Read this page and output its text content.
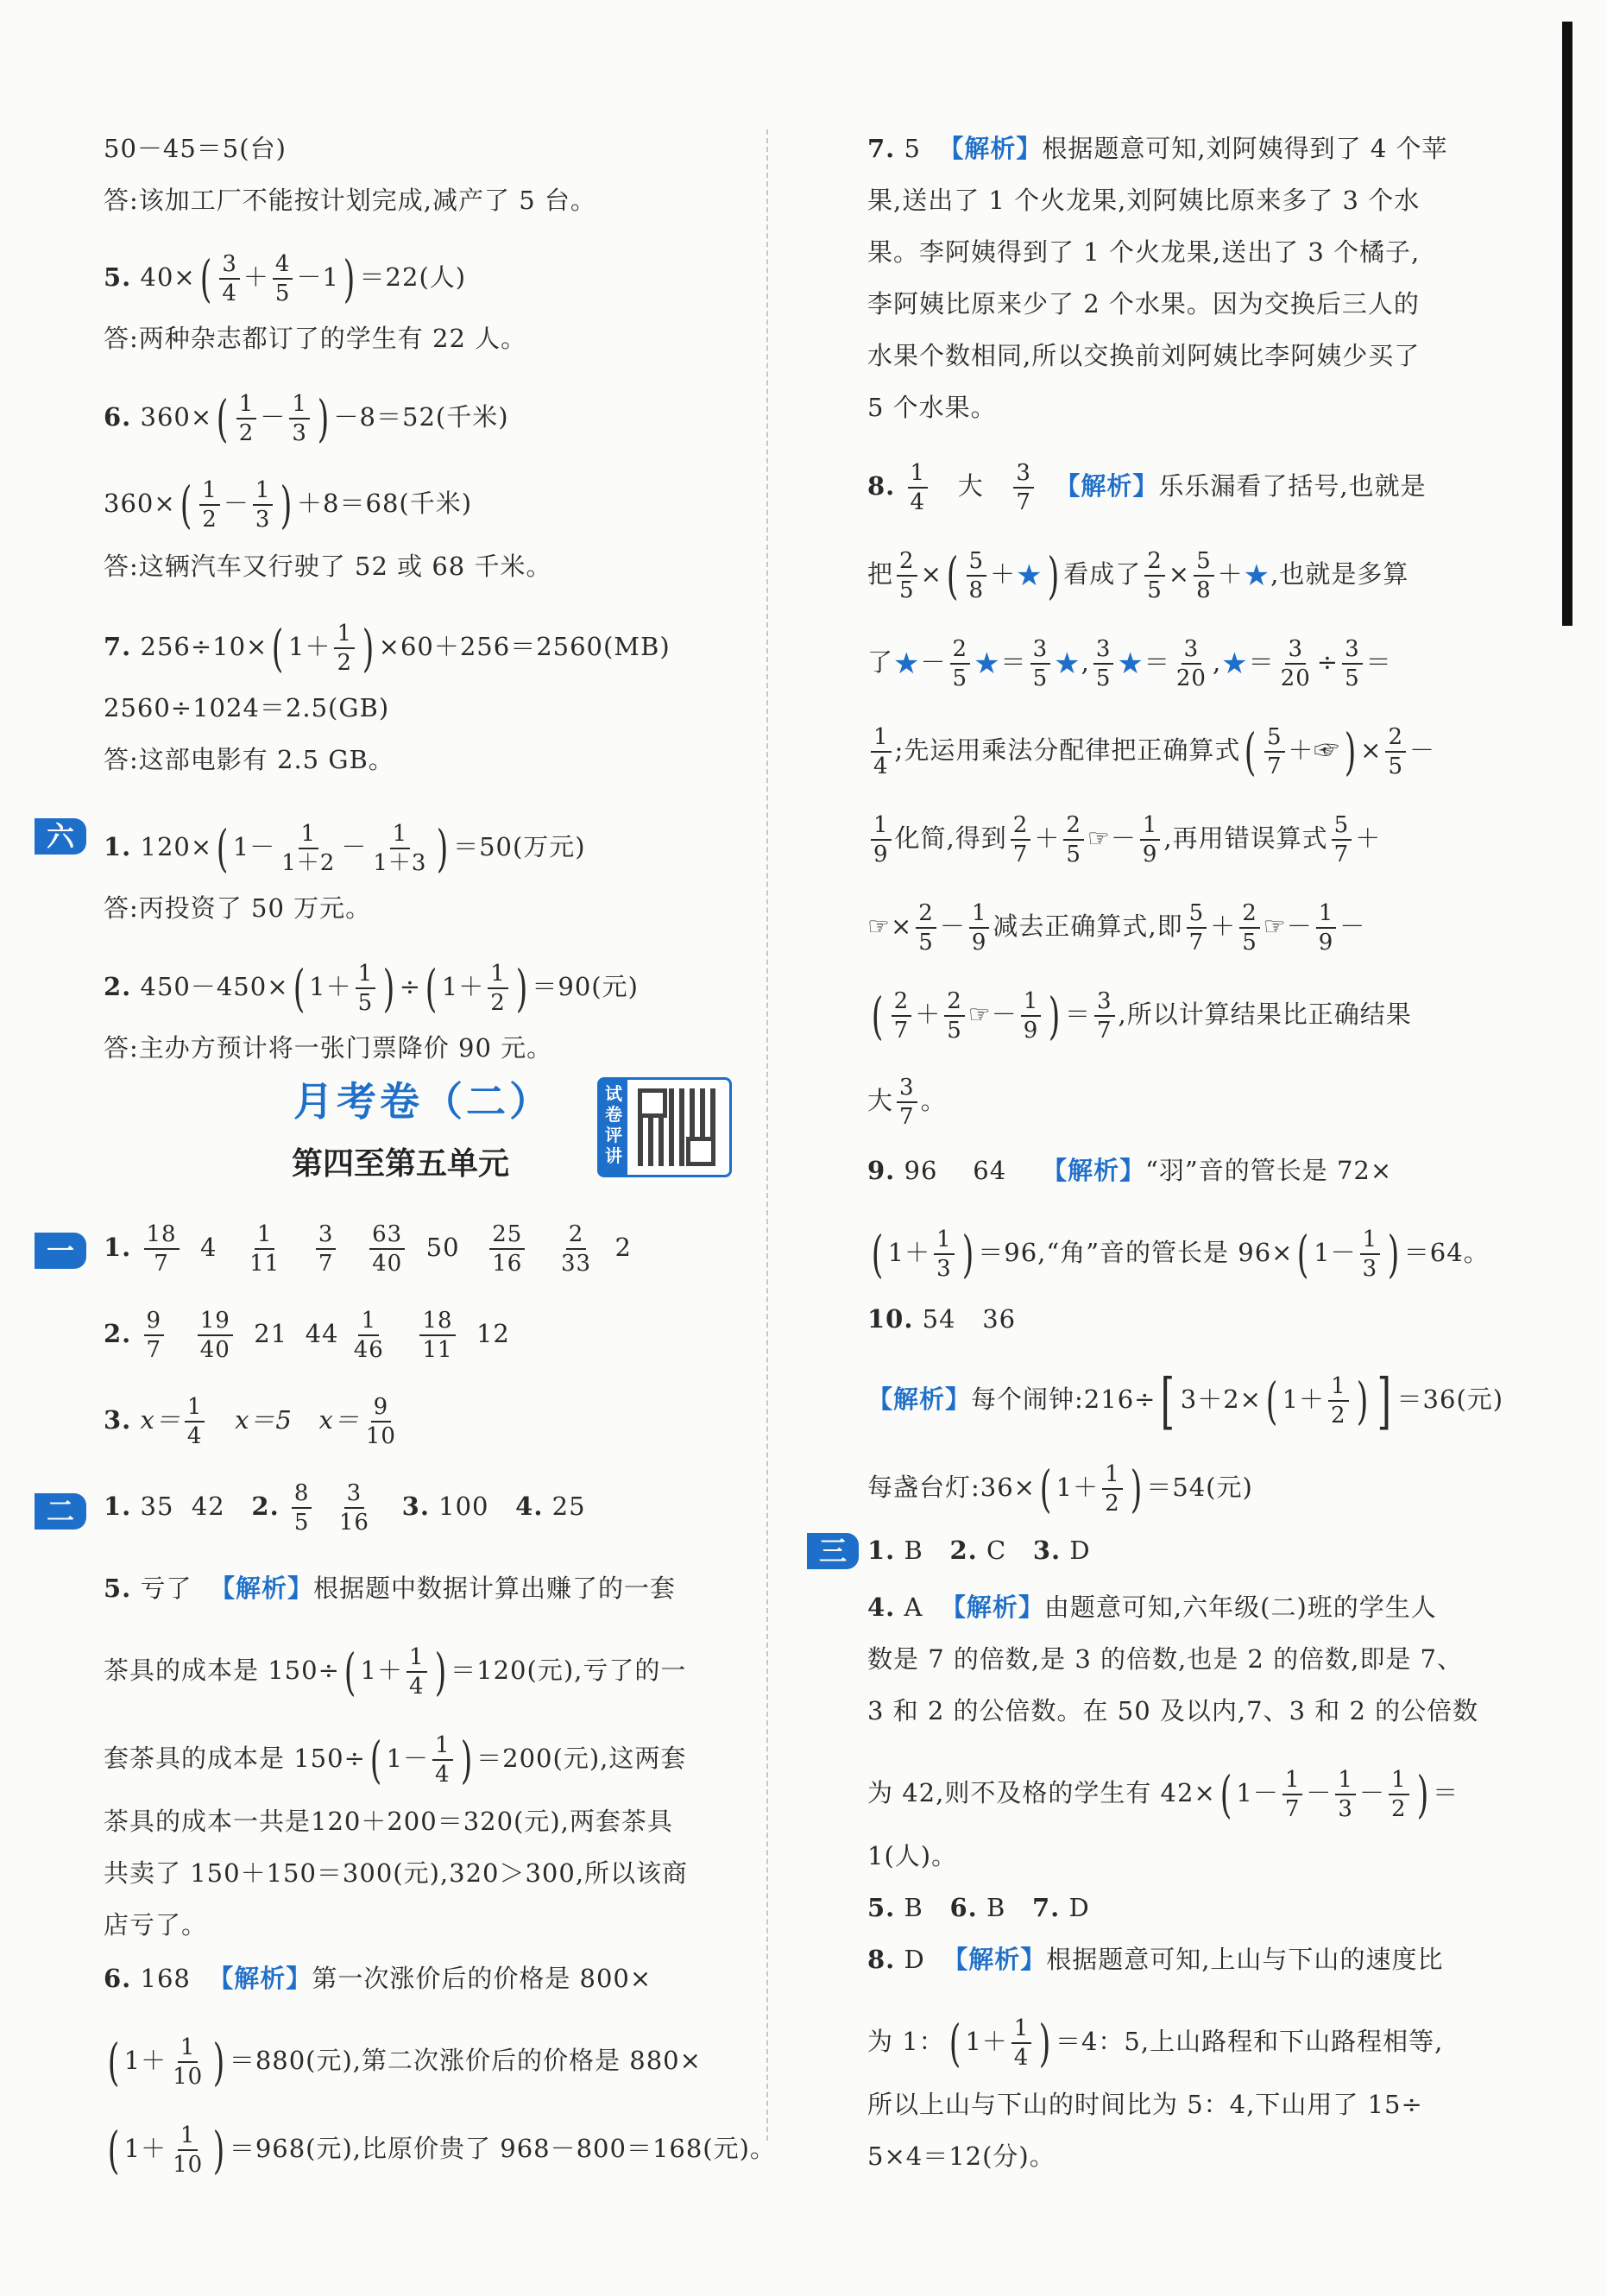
50－45＝5(台)
答:该加工厂不能按计划完成,减产了 5 台。
5. $40\times( \frac{3}{4} + \frac{4}{5} -1) =22$(人)
答:两种杂志都订了的学生有 22 人。
6. $360\times( \frac{1}{2} - \frac{1}{3}$ ) －8＝52(千米)
$360\times( \frac{1}{2} - \frac{1}{3}$ ) ＋8＝68(千米)
答:这辆汽车又行驶了 52 或 68 千米。
7. 256÷10×( $1+ \frac{1}{2}$ ) ×60＋256＝2560(MB)
2560÷1024＝2.5(GB)
答:这部电影有 2.5 GB。
六	1. 120×( $1- \frac{1}{1+2} - \frac{1}{1+3}$ ) ＝50(万元)
答:丙投资了 50 万元。
2. 450－450×( $1+ \frac{1}{5}$ ) ÷( $1+ \frac{1}{2}$ ) ＝90(元)
答:主办方预计将一张门票降价 90 元。
月考卷（二）
第四至第五单元
试卷评讲
一	1. $\frac{18}{7} 4 \frac{1}{11}$
$\frac{3}{7}$
$\frac{63}{40} 50 \frac{25}{16}$
$\frac{2}{33} 2$
2. $\frac{9}{7}$
$\frac{19}{40} 21$ $44 \frac{1}{46}$
$\frac{18}{11} 12$
3. $x= \frac{1}{4} x=5$ $x= \frac{9}{10}$
二	1. 35 42 2. $\frac{8}{5}$
$\frac{3}{16} 3$. 100 4. 25
5. 亏了 【解析】根据题中数据计算出赚了的一套
茶具的成本是 150÷( $1+ \frac{1}{4}$ ) ＝120(元),亏了的一
套茶具的成本是 150÷( $1- \frac{1}{4}$ ) ＝200(元),这两套
茶具的成本一共是120＋200＝320(元),两套茶具
共卖了 150＋150＝300(元),320＞300,所以该商
店亏了。
6. 168 【解析】第一次涨价后的价格是 800×
( $1+ \frac{1}{10}$ ) ＝880(元),第二次涨价后的价格是 880×
( $1+ \frac{1}{10}$ ) ＝968(元),比原价贵了 968－800＝168(元)。
7. 5 【解析】根据题意可知,刘阿姨得到了 4 个苹
果,送出了 1 个火龙果,刘阿姨比原来多了 3 个水
果。李阿姨得到了 1 个火龙果,送出了 3 个橘子,
李阿姨比原来少了 2 个水果。因为交换后三人的
水果个数相同,所以交换前刘阿姨比李阿姨少买了
5 个水果。
8. $\frac{1}{4}$ 大 $\frac{3}{7}$ 【解析】乐乐漏看了括号,也就是
把 $\frac{2}{5}$ ×( $\frac{5}{8}$ ＋★) 看成了 $\frac{2}{5} \times \frac{5}{8}$ ＋★,也就是多算
了★－ $\frac{2}{5}$ ★＝ $\frac{3}{5}$ ★, $\frac{3}{5}$ ★＝ $\frac{3}{20}$ ,★＝ $\frac{3}{20} \div \frac{3}{5}$ ＝
$\frac{1}{4}$ ;先运用乘法分配律把正确算式( $\frac{5}{7}$ ＋☞) × $\frac{2}{5}$ －
$\frac{1}{9}$ 化简,得到 $\frac{2}{7} + \frac{2}{5}$ ☞－ $\frac{1}{9}$ ,再用错误算式 $\frac{5}{7}$ ＋
☞× $\frac{2}{5} - \frac{1}{9}$ 减去正确算式,即 $\frac{5}{7} + \frac{2}{5}$ ☞－ $\frac{1}{9}$ －
( $\frac{2}{7} + \frac{2}{5}$ ☞－ $\frac{1}{9}$ ) ＝ $\frac{3}{7}$ ,所以计算结果比正确结果
大 $\frac{3}{7}$ 。
9. 96 64 【解析】“羽”音的管长是 72×
( $1+ \frac{1}{3}$ ) ＝96,“角”音的管长是 96×( $1- \frac{1}{3}$ ) ＝64。
10. 54 36
【解析】每个闹钟:216÷[ 3＋2×( $1+ \frac{1}{2}$ ) ] ＝36(元)
每盏台灯:36×( $1+ \frac{1}{2}$ ) ＝54(元)
三 1. B 2. C 3. D
4. A 【解析】由题意可知,六年级(二)班的学生人
数是 7 的倍数,是 3 的倍数,也是 2 的倍数,即是 7、
3 和 2 的公倍数。在 50 及以内,7、3 和 2 的公倍数
为 42,则不及格的学生有 42×( $1- \frac{1}{7} - \frac{1}{3} - \frac{1}{2}$ ) ＝
1(人)。
5. B 6. B 7. D
8. D 【解析】根据题意可知,上山与下山的速度比
为 1：( $1+ \frac{1}{4}$ ) ＝4：5,上山路程和下山路程相等,
所以上山与下山的时间比为 5：4,下山用了 15÷
5×4＝12(分)。
